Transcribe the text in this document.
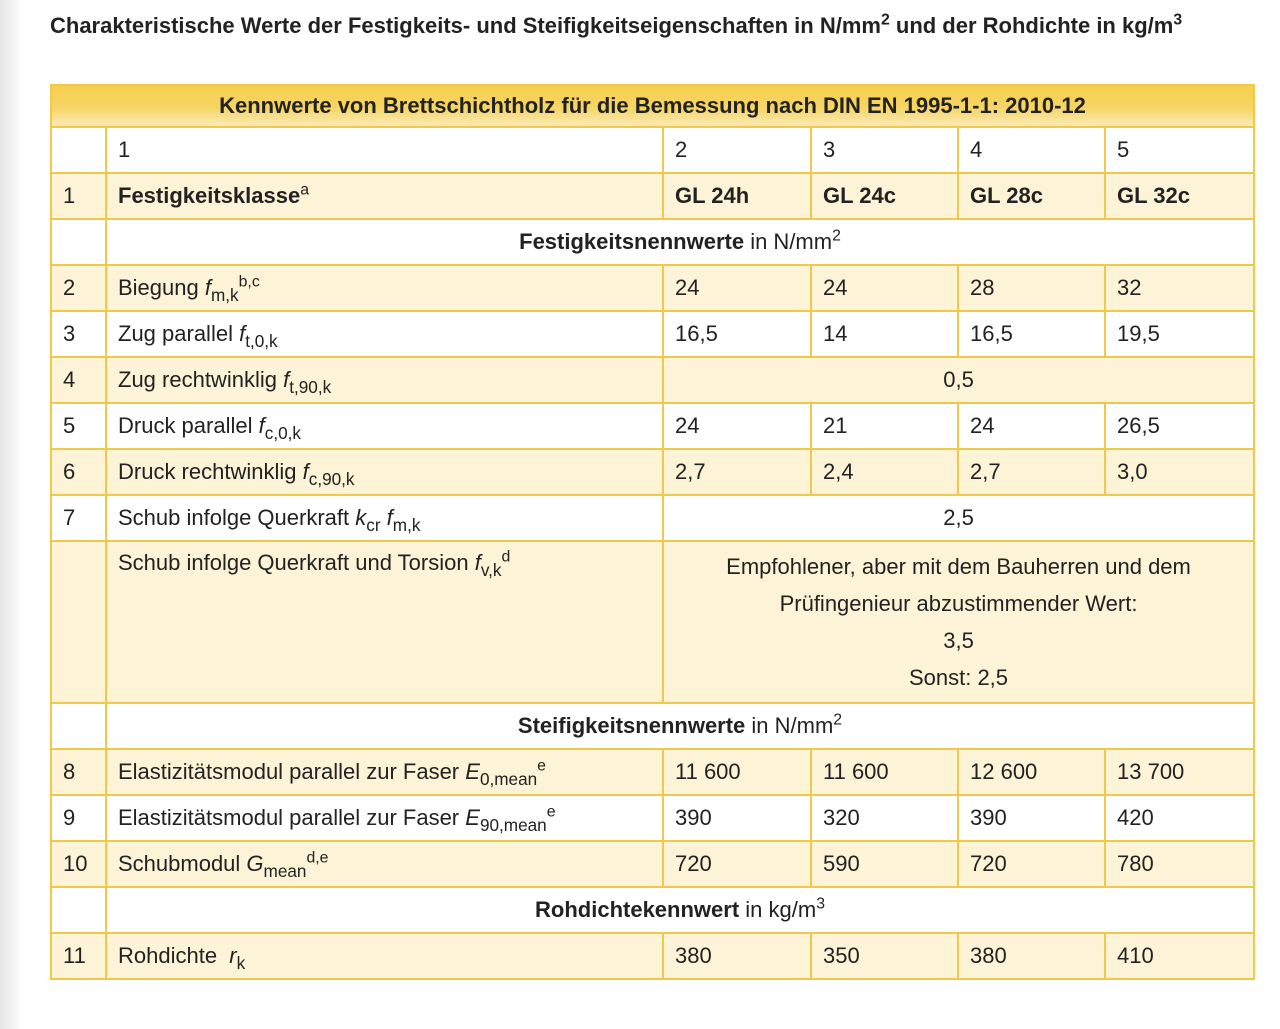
Charakteristische Werte der Festigkeits- und Steifigkeitseigenschaften in $N/mm^2$ und der Rohdichte in $kg/m^3$
Kennwerte von Brettschichtholz für die Bemessung nach DIN EN 1995-1-1: 2010-12					
	1	2	3	4	5
1	Festigkeitsklasse$^a$	GL 24h	GL 24c	GL 28c	GL 32c
	Festigkeitsnennwerte in $N/mm^2$
2	Biegung $f_{m,k}^{b,c}$	24	24	28	32
3	Zug parallel $f_{t,0,k}$	16,5	14	16,5	19,5
4	Zug rechtwinklig $f_{t,90,k}$	0,5			
5	Druck parallel $f_{c,0,k}$	24	21	24	26,5
6	Druck rechtwinklig $f_{c,90,k}$	2,7	2,4	2,7	3,0
7	Schub infolge Querkraft $k_{cr}$ $f_{m,k}$	2,5			
	Schub infolge Querkraft und Torsion $f_{v,k}^d$	Empfohlener, aber mit dem Bauherren und dem
Prüfingenieur abzustimmender Wert:
3,5
Sonst: 2,5			

	Steifigkeitsnennwerte in $N/mm^2$
8	Elastizitätsmodul parallel zur Faser $E_{0,mean}^e$	11 600	11 600	12 600	13 700
9	Elastizitätsmodul parallel zur Faser $E_{90,mean}^e$	390	320	390	420
10	Schubmodul $G_{mean}^{d,e}$	720	590	720	780
	Rohdichtekennwert in $kg/m^3$
11	Rohdichte  $r_k$	380	350	380	410
